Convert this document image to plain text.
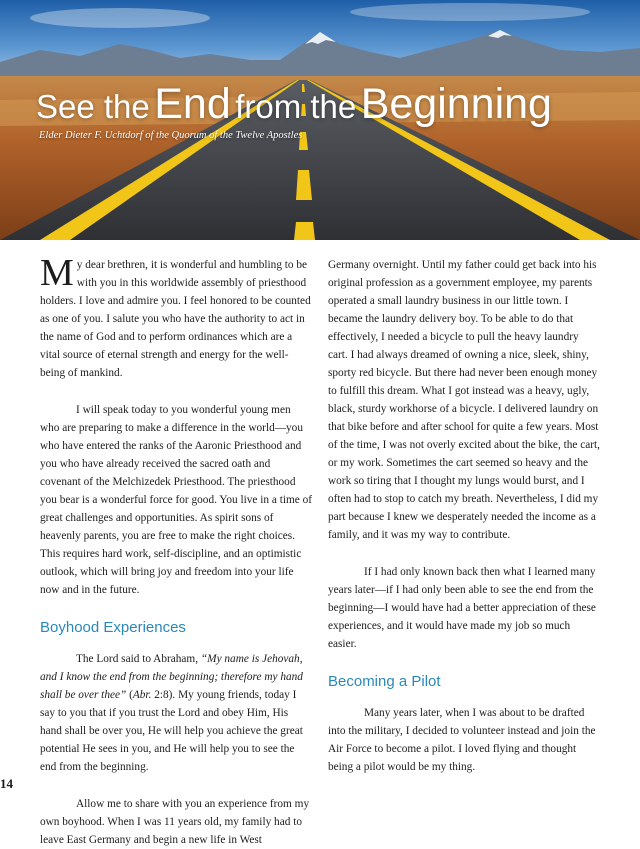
See the End from the Beginning
Elder Dieter F. Uchtdorf of the Quorum of the Twelve Apostles

My dear brethren, it is wonderful and humbling to be with you in this worldwide assembly of priesthood holders. I love and admire you. I feel honored to be counted as one of you. I salute you who have the authority to act in the name of God and to perform ordinances which are a vital source of eternal strength and energy for the well-being of mankind.

I will speak today to you wonderful young men who are preparing to make a difference in the world—you who have entered the ranks of the Aaronic Priesthood and you who have already received the sacred oath and covenant of the Melchizedek Priesthood. The priesthood you bear is a wonderful force for good. You live in a time of great challenges and opportunities. As spirit sons of heavenly parents, you are free to make the right choices. This requires hard work, self-discipline, and an optimistic outlook, which will bring joy and freedom into your life now and in the future.

Boyhood Experiences

The Lord said to Abraham, “My name is Jehovah, and I know the end from the beginning; therefore my hand shall be over thee” (Abr. 2:8). My young friends, today I say to you that if you trust the Lord and obey Him, His hand shall be over you, He will help you achieve the great potential He sees in you, and He will help you to see the end from the beginning.

Allow me to share with you an experience from my own boyhood. When I was 11 years old, my family had to leave East Germany and begin a new life in West

Germany overnight. Until my father could get back into his original profession as a government employee, my parents operated a small laundry business in our little town. I became the laundry delivery boy. To be able to do that effectively, I needed a bicycle to pull the heavy laundry cart. I had always dreamed of owning a nice, sleek, shiny, sporty red bicycle. But there had never been enough money to fulfill this dream. What I got instead was a heavy, ugly, black, sturdy workhorse of a bicycle. I delivered laundry on that bike before and after school for quite a few years. Most of the time, I was not overly excited about the bike, the cart, or my work. Sometimes the cart seemed so heavy and the work so tiring that I thought my lungs would burst, and I often had to stop to catch my breath. Nevertheless, I did my part because I knew we desperately needed the income as a family, and it was my way to contribute.

If I had only known back then what I learned many years later—if I had only been able to see the end from the beginning—I would have had a better appreciation of these experiences, and it would have made my job so much easier.

Becoming a Pilot

Many years later, when I was about to be drafted into the military, I decided to volunteer instead and join the Air Force to become a pilot. I loved flying and thought being a pilot would be my thing.

14
